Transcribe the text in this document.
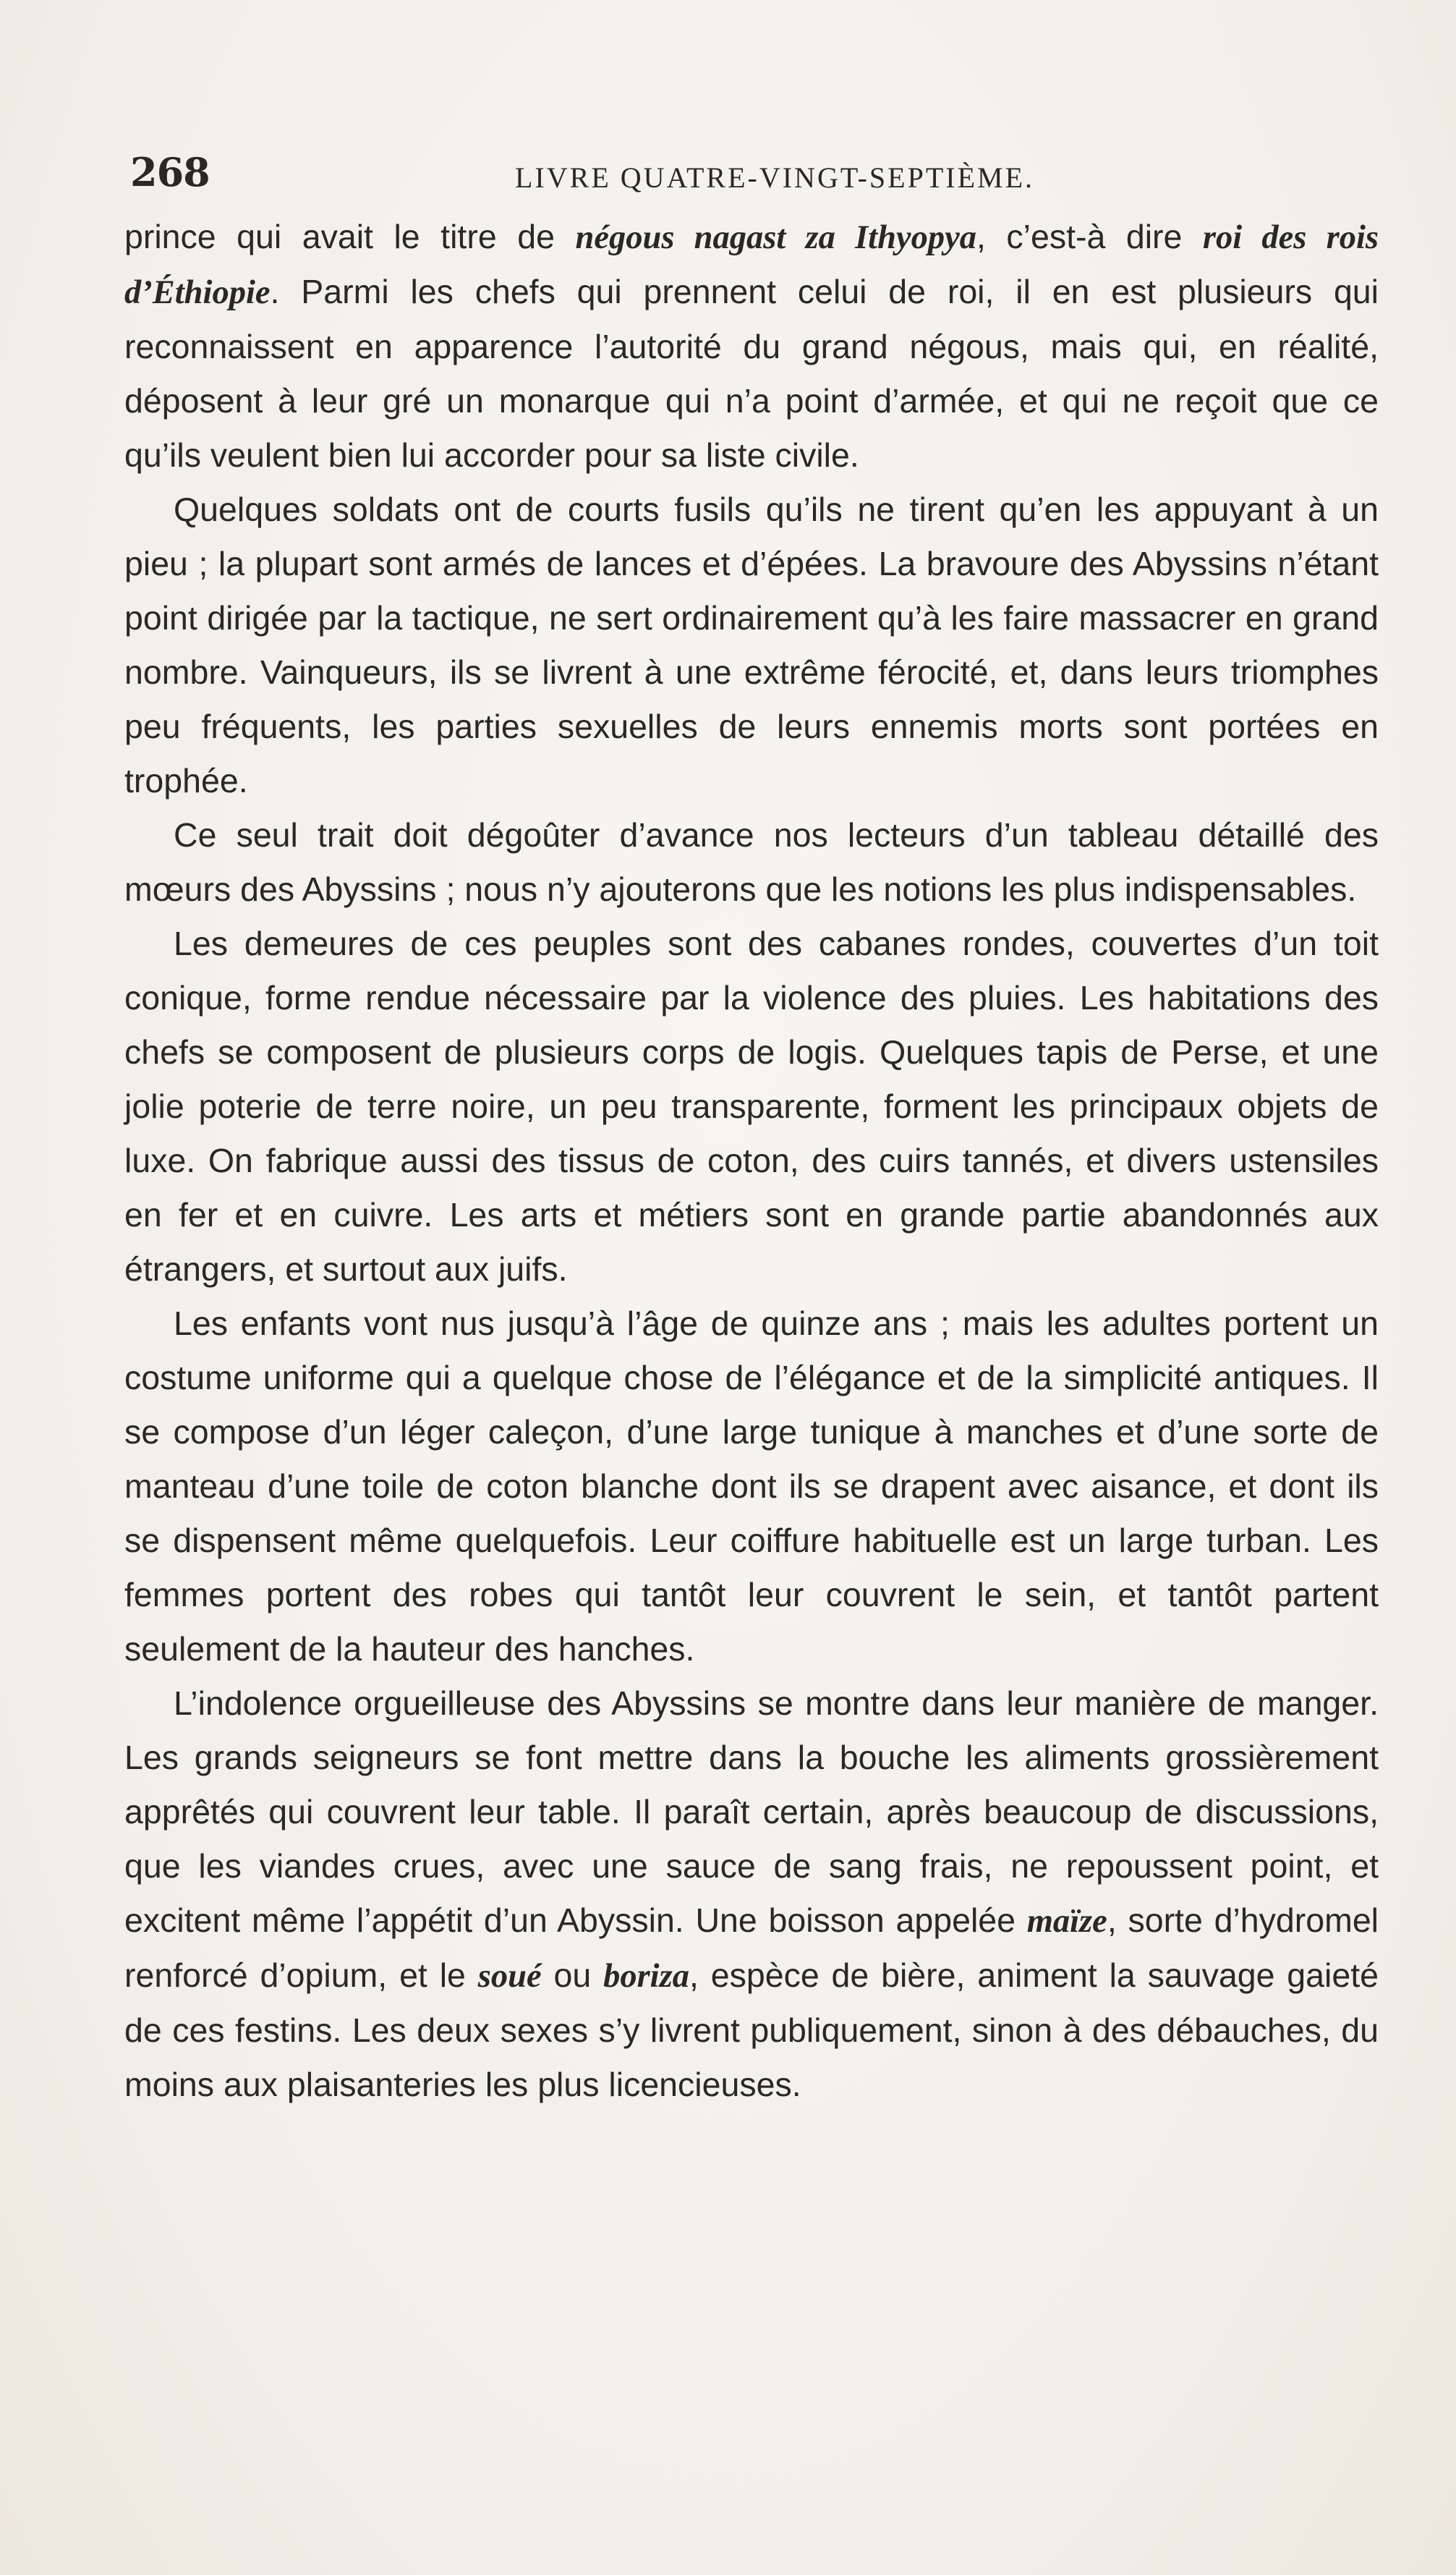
268	LIVRE QUATRE-VINGT-SEPTIÈME.

prince qui avait le titre de négous nagast za Ithyopya, c’est-à dire roi des rois d’Éthiopie. Parmi les chefs qui prennent celui de roi, il en est plusieurs qui reconnaissent en apparence l’autorité du grand négous, mais qui, en réalité, déposent à leur gré un monarque qui n’a point d’armée, et qui ne reçoit que ce qu’ils veulent bien lui accorder pour sa liste civile.

Quelques soldats ont de courts fusils qu’ils ne tirent qu’en les appuyant à un pieu ; la plupart sont armés de lances et d’épées. La bravoure des Abyssins n’étant point dirigée par la tactique, ne sert ordinairement qu’à les faire massacrer en grand nombre. Vainqueurs, ils se livrent à une extrême férocité, et, dans leurs triomphes peu fréquents, les parties sexuelles de leurs ennemis morts sont portées en trophée.

Ce seul trait doit dégoûter d’avance nos lecteurs d’un tableau détaillé des mœurs des Abyssins ; nous n’y ajouterons que les notions les plus indispensables.

Les demeures de ces peuples sont des cabanes rondes, couvertes d’un toit conique, forme rendue nécessaire par la violence des pluies. Les habitations des chefs se composent de plusieurs corps de logis. Quelques tapis de Perse, et une jolie poterie de terre noire, un peu transparente, forment les principaux objets de luxe. On fabrique aussi des tissus de coton, des cuirs tannés, et divers ustensiles en fer et en cuivre. Les arts et métiers sont en grande partie abandonnés aux étrangers, et surtout aux juifs.

Les enfants vont nus jusqu’à l’âge de quinze ans ; mais les adultes portent un costume uniforme qui a quelque chose de l’élégance et de la simplicité antiques. Il se compose d’un léger caleçon, d’une large tunique à manches et d’une sorte de manteau d’une toile de coton blanche dont ils se drapent avec aisance, et dont ils se dispensent même quelquefois. Leur coiffure habituelle est un large turban. Les femmes portent des robes qui tantôt leur couvrent le sein, et tantôt partent seulement de la hauteur des hanches.

L’indolence orgueilleuse des Abyssins se montre dans leur manière de manger. Les grands seigneurs se font mettre dans la bouche les aliments grossièrement apprêtés qui couvrent leur table. Il paraît certain, après beaucoup de discussions, que les viandes crues, avec une sauce de sang frais, ne repoussent point, et excitent même l’appétit d’un Abyssin. Une boisson appelée maïze, sorte d’hydromel renforcé d’opium, et le soué ou boriza, espèce de bière, animent la sauvage gaieté de ces festins. Les deux sexes s’y livrent publiquement, sinon à des débauches, du moins aux plaisanteries les plus licencieuses.
